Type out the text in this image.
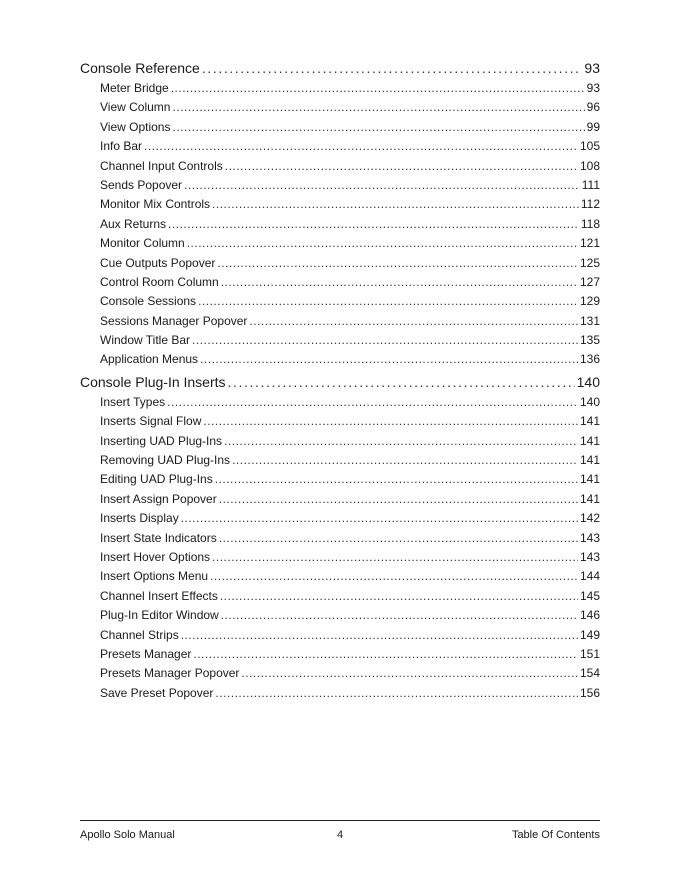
Console Reference .....	93
Meter Bridge .....	93
View Column .....	96
View Options .....	99
Info Bar .....	105
Channel Input Controls .....	108
Sends Popover .....	111
Monitor Mix Controls .....	112
Aux Returns .....	118
Monitor Column .....	121
Cue Outputs Popover .....	125
Control Room Column .....	127
Console Sessions .....	129
Sessions Manager Popover .....	131
Window Title Bar .....	135
Application Menus .....	136
Console Plug-In Inserts .....	140
Insert Types .....	140
Inserts Signal Flow .....	141
Inserting UAD Plug-Ins .....	141
Removing UAD Plug-Ins .....	141
Editing UAD Plug-Ins .....	141
Insert Assign Popover .....	141
Inserts Display .....	142
Insert State Indicators .....	143
Insert Hover Options .....	143
Insert Options Menu .....	144
Channel Insert Effects .....	145
Plug-In Editor Window .....	146
Channel Strips .....	149
Presets Manager .....	151
Presets Manager Popover .....	154
Save Preset Popover .....	156
Apollo Solo Manual	4	Table Of Contents
